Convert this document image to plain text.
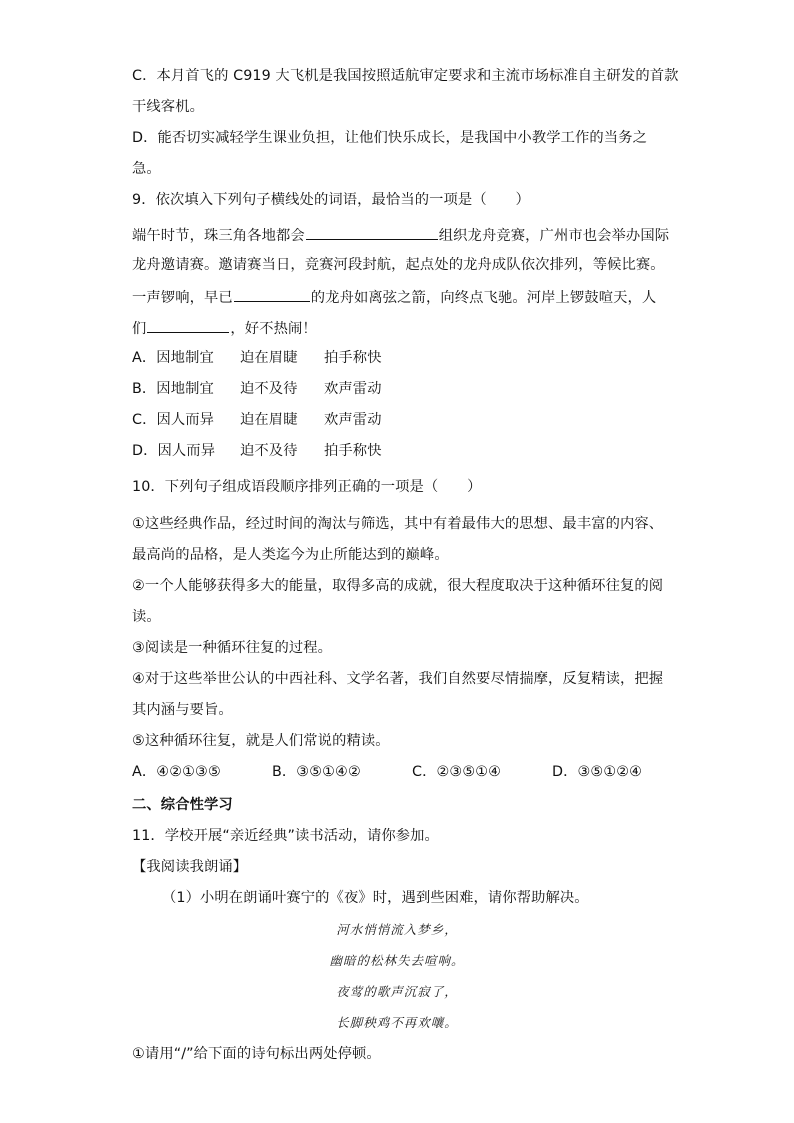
C．本月首飞的 C919 大飞机是我国按照适航审定要求和主流市场标准自主研发的首款
干线客机。
D．能否切实减轻学生课业负担，让他们快乐成长，是我国中小教学工作的当务之
急。
9．依次填入下列句子横线处的词语，最恰当的一项是（　　）
端午时节，珠三角各地都会	组织龙舟竞赛，广州市也会举办国际
龙舟邀请赛。邀请赛当日，竞赛河段封航，起点处的龙舟成队依次排列，等候比赛。
一声锣响，早已	的龙舟如离弦之箭，向终点飞驰。河岸上锣鼓喧天，人
们	，好不热闹！
A．因地制宜 迫在眉睫 拍手称快
B．因地制宜 迫不及待 欢声雷动
C．因人而异 迫在眉睫 欢声雷动
D．因人而异 迫不及待 拍手称快
10．下列句子组成语段顺序排列正确的一项是（　　）
①这些经典作品，经过时间的淘汰与筛选，其中有着最伟大的思想、最丰富的内容、
最高尚的品格，是人类迄今为止所能达到的巅峰。
②一个人能够获得多大的能量，取得多高的成就，很大程度取决于这种循环往复的阅
读。
③阅读是一种循环往复的过程。
④对于这些举世公认的中西社科、文学名著，我们自然要尽情揣摩，反复精读，把握
其内涵与要旨。
⑤这种循环往复，就是人们常说的精读。
A．④②①③⑤	B．③⑤①④②	C．②③⑤①④	D．③⑤①②④
二、综合性学习
11．学校开展“亲近经典”读书活动，请你参加。
【我阅读我朗诵】
（1）小明在朗诵叶赛宁的《夜》时，遇到些困难，请你帮助解决。
河水悄悄流入梦乡，
幽暗的松林失去喧响。
夜莺的歌声沉寂了，
长脚秧鸡不再欢嚷。
①请用“/”给下面的诗句标出两处停顿。
